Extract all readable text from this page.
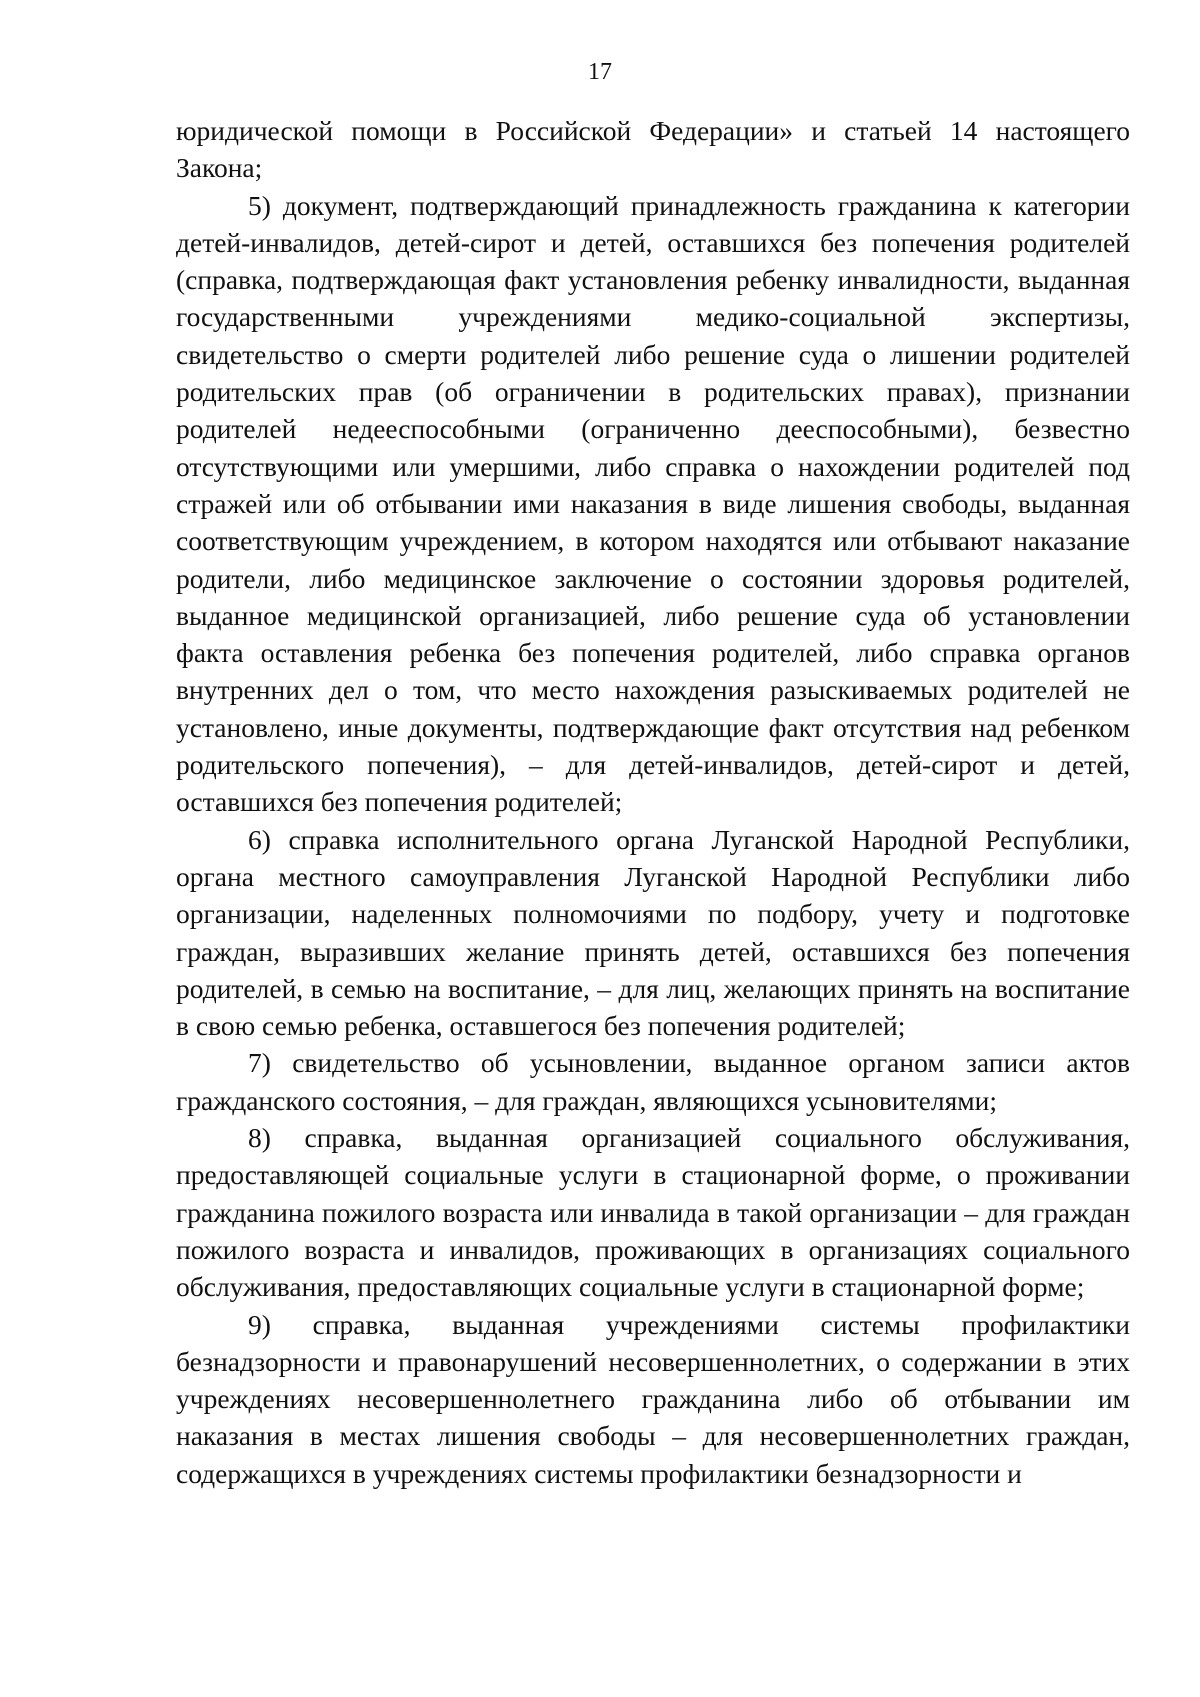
17

юридической помощи в Российской Федерации» и статьей 14 настоящего Закона;

5) документ, подтверждающий принадлежность гражданина к категории детей-инвалидов, детей-сирот и детей, оставшихся без попечения родителей (справка, подтверждающая факт установления ребенку инвалидности, выданная государственными учреждениями медико-социальной экспертизы, свидетельство о смерти родителей либо решение суда о лишении родителей родительских прав (об ограничении в родительских правах), признании родителей недееспособными (ограниченно дееспособными), безвестно отсутствующими или умершими, либо справка о нахождении родителей под стражей или об отбывании ими наказания в виде лишения свободы, выданная соответствующим учреждением, в котором находятся или отбывают наказание родители, либо медицинское заключение о состоянии здоровья родителей, выданное медицинской организацией, либо решение суда об установлении факта оставления ребенка без попечения родителей, либо справка органов внутренних дел о том, что место нахождения разыскиваемых родителей не установлено, иные документы, подтверждающие факт отсутствия над ребенком родительского попечения), – для детей-инвалидов, детей-сирот и детей, оставшихся без попечения родителей;

6) справка исполнительного органа Луганской Народной Республики, органа местного самоуправления Луганской Народной Республики либо организации, наделенных полномочиями по подбору, учету и подготовке граждан, выразивших желание принять детей, оставшихся без попечения родителей, в семью на воспитание, – для лиц, желающих принять на воспитание в свою семью ребенка, оставшегося без попечения родителей;

7) свидетельство об усыновлении, выданное органом записи актов гражданского состояния, – для граждан, являющихся усыновителями;

8) справка, выданная организацией социального обслуживания, предоставляющей социальные услуги в стационарной форме, о проживании гражданина пожилого возраста или инвалида в такой организации – для граждан пожилого возраста и инвалидов, проживающих в организациях социального обслуживания, предоставляющих социальные услуги в стационарной форме;

9) справка, выданная учреждениями системы профилактики безнадзорности и правонарушений несовершеннолетних, о содержании в этих учреждениях несовершеннолетнего гражданина либо об отбывании им наказания в местах лишения свободы – для несовершеннолетних граждан, содержащихся в учреждениях системы профилактики безнадзорности и
